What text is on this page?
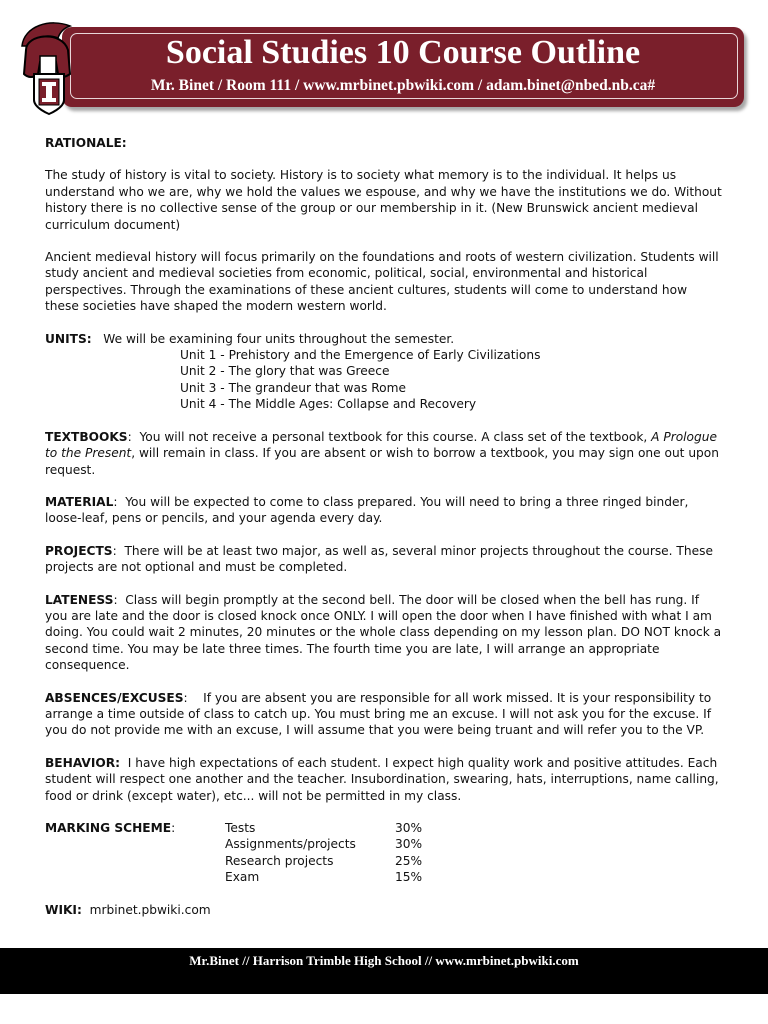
Social Studies 10 Course Outline
Mr. Binet / Room 111 / www.mrbinet.pbwiki.com / adam.binet@nbed.nb.ca#

RATIONALE:

The study of history is vital to society. History is to society what memory is to the individual. It helps us understand who we are, why we hold the values we espouse, and why we have the institutions we do. Without history there is no collective sense of the group or our membership in it. (New Brunswick ancient medieval curriculum document)

Ancient medieval history will focus primarily on the foundations and roots of western civilization. Students will study ancient and medieval societies from economic, political, social, environmental and historical perspectives. Through the examinations of these ancient cultures, students will come to understand how these societies have shaped the modern western world.

UNITS: We will be examining four units throughout the semester.
Unit 1 - Prehistory and the Emergence of Early Civilizations
Unit 2 - The glory that was Greece
Unit 3 - The grandeur that was Rome
Unit 4 - The Middle Ages: Collapse and Recovery

TEXTBOOKS:  You will not receive a personal textbook for this course. A class set of the textbook, A Prologue to the Present, will remain in class. If you are absent or wish to borrow a textbook, you may sign one out upon request.

MATERIAL:  You will be expected to come to class prepared. You will need to bring a three ringed binder, loose-leaf, pens or pencils, and your agenda every day.

PROJECTS:  There will be at least two major, as well as, several minor projects throughout the course. These projects are not optional and must be completed.

LATENESS:  Class will begin promptly at the second bell. The door will be closed when the bell has rung. If you are late and the door is closed knock once ONLY. I will open the door when I have finished with what I am doing. You could wait 2 minutes, 20 minutes or the whole class depending on my lesson plan. DO NOT knock a second time. You may be late three times. The fourth time you are late, I will arrange an appropriate consequence.

ABSENCES/EXCUSES:    If you are absent you are responsible for all work missed. It is your responsibility to arrange a time outside of class to catch up. You must bring me an excuse. I will not ask you for the excuse. If you do not provide me with an excuse, I will assume that you were being truant and will refer you to the VP.

BEHAVIOR: I have high expectations of each student. I expect high quality work and positive attitudes. Each student will respect one another and the teacher. Insubordination, swearing, hats, interruptions, name calling, food or drink (except water), etc... will not be permitted in my class.

MARKING SCHEME:	Tests	30%
Assignments/projects	30%
Research projects	25%
Exam	15%

WIKI: mrbinet.pbwiki.com

Mr.Binet // Harrison Trimble High School // www.mrbinet.pbwiki.com
